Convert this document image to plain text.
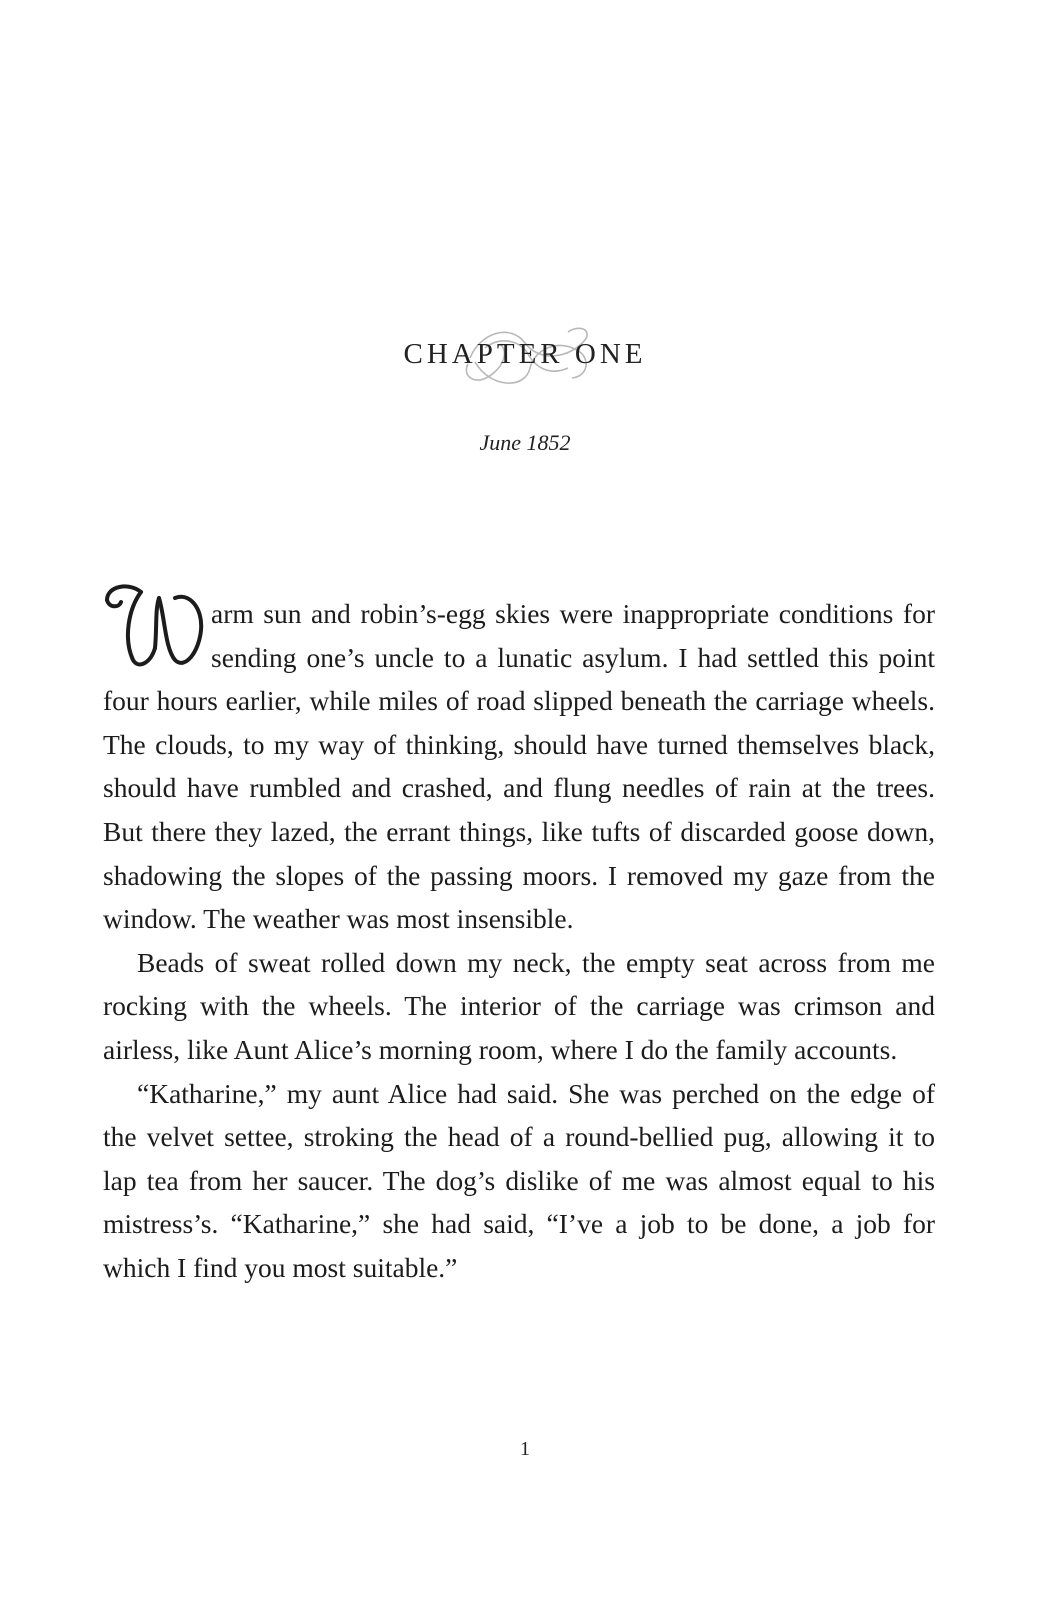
CHAPTER ONE
June 1852

arm sun and robin’s-egg skies were inappropriate conditions for sending one’s uncle to a lunatic asylum. I had settled this point four hours earlier, while miles of road slipped beneath the carriage wheels. The clouds, to my way of thinking, should have turned themselves black, should have rumbled and crashed, and flung needles of rain at the trees. But there they lazed, the errant things, like tufts of discarded goose down, shadowing the slopes of the passing moors. I removed my gaze from the window. The weather was most insensible.

Beads of sweat rolled down my neck, the empty seat across from me rocking with the wheels. The interior of the carriage was crimson and airless, like Aunt Alice’s morning room, where I do the family accounts.

“Katharine,” my aunt Alice had said. She was perched on the edge of the velvet settee, stroking the head of a round-bellied pug, allowing it to lap tea from her saucer. The dog’s dislike of me was almost equal to his mistress’s. “Katharine,” she had said, “I’ve a job to be done, a job for which I find you most suitable.”

1
